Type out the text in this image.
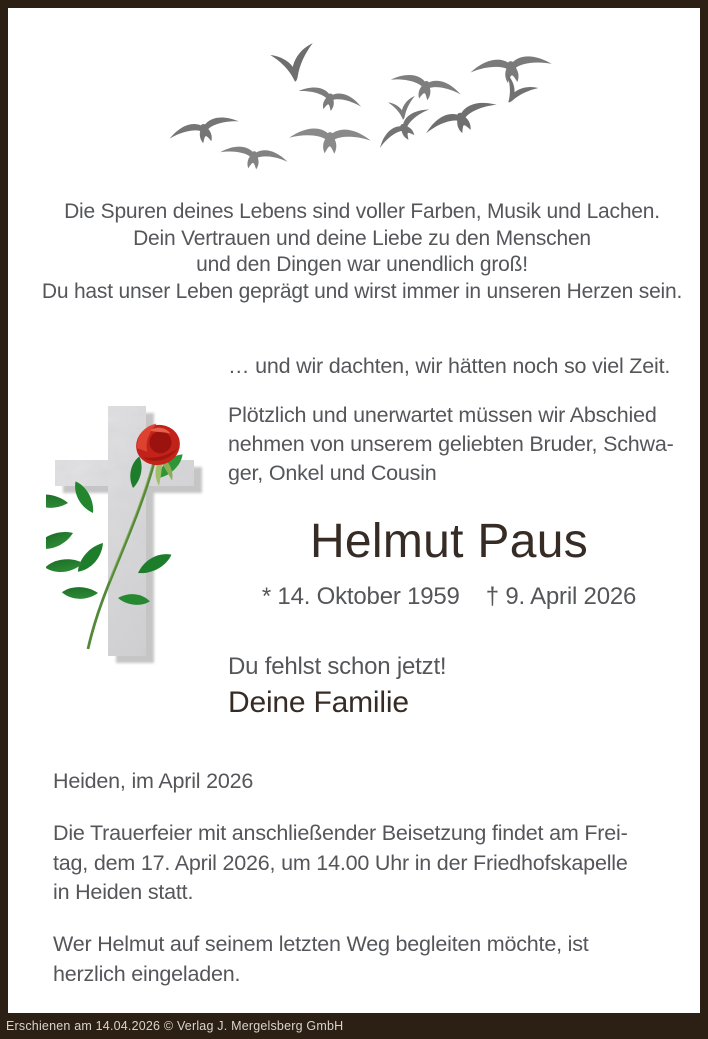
Die Spuren deines Lebens sind voller Farben, Musik und Lachen.
Dein Vertrauen und deine Liebe zu den Menschen
und den Dingen war unendlich groß!
Du hast unser Leben geprägt und wirst immer in unseren Herzen sein.
… und wir dachten, wir hätten noch so viel Zeit.
Plötzlich und unerwartet müssen wir Abschied
nehmen von unserem geliebten Bruder, Schwa-
ger, Onkel und Cousin
Helmut Paus
* 14. Oktober 1959 † 9. April 2026
Du fehlst schon jetzt!
Deine Familie
Heiden, im April 2026
Die Trauerfeier mit anschließender Beisetzung findet am Frei-
tag, dem 17. April 2026, um 14.00 Uhr in der Friedhofskapelle
in Heiden statt.
Wer Helmut auf seinem letzten Weg begleiten möchte, ist
herzlich eingeladen.
Erschienen am 14.04.2026 © Verlag J. Mergelsberg GmbH
